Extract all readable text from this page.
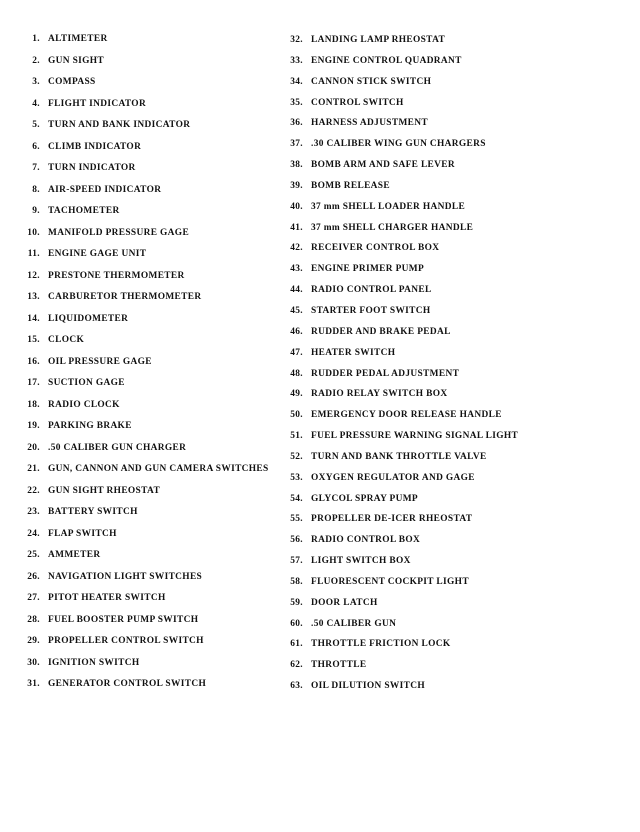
1. ALTIMETER
2. GUN SIGHT
3. COMPASS
4. FLIGHT INDICATOR
5. TURN AND BANK INDICATOR
6. CLIMB INDICATOR
7. TURN INDICATOR
8. AIR-SPEED INDICATOR
9. TACHOMETER
10. MANIFOLD PRESSURE GAGE
11. ENGINE GAGE UNIT
12. PRESTONE THERMOMETER
13. CARBURETOR THERMOMETER
14. LIQUIDOMETER
15. CLOCK
16. OIL PRESSURE GAGE
17. SUCTION GAGE
18. RADIO CLOCK
19. PARKING BRAKE
20. .50 CALIBER GUN CHARGER
21. GUN, CANNON AND GUN CAMERA SWITCHES
22. GUN SIGHT RHEOSTAT
23. BATTERY SWITCH
24. FLAP SWITCH
25. AMMETER
26. NAVIGATION LIGHT SWITCHES
27. PITOT HEATER SWITCH
28. FUEL BOOSTER PUMP SWITCH
29. PROPELLER CONTROL SWITCH
30. IGNITION SWITCH
31. GENERATOR CONTROL SWITCH
32. LANDING LAMP RHEOSTAT
33. ENGINE CONTROL QUADRANT
34. CANNON STICK SWITCH
35. CONTROL SWITCH
36. HARNESS ADJUSTMENT
37. .30 CALIBER WING GUN CHARGERS
38. BOMB ARM AND SAFE LEVER
39. BOMB RELEASE
40. 37 mm SHELL LOADER HANDLE
41. 37 mm SHELL CHARGER HANDLE
42. RECEIVER CONTROL BOX
43. ENGINE PRIMER PUMP
44. RADIO CONTROL PANEL
45. STARTER FOOT SWITCH
46. RUDDER AND BRAKE PEDAL
47. HEATER SWITCH
48. RUDDER PEDAL ADJUSTMENT
49. RADIO RELAY SWITCH BOX
50. EMERGENCY DOOR RELEASE HANDLE
51. FUEL PRESSURE WARNING SIGNAL LIGHT
52. TURN AND BANK THROTTLE VALVE
53. OXYGEN REGULATOR AND GAGE
54. GLYCOL SPRAY PUMP
55. PROPELLER DE-ICER RHEOSTAT
56. RADIO CONTROL BOX
57. LIGHT SWITCH BOX
58. FLUORESCENT COCKPIT LIGHT
59. DOOR LATCH
60. .50 CALIBER GUN
61. THROTTLE FRICTION LOCK
62. THROTTLE
63. OIL DILUTION SWITCH
